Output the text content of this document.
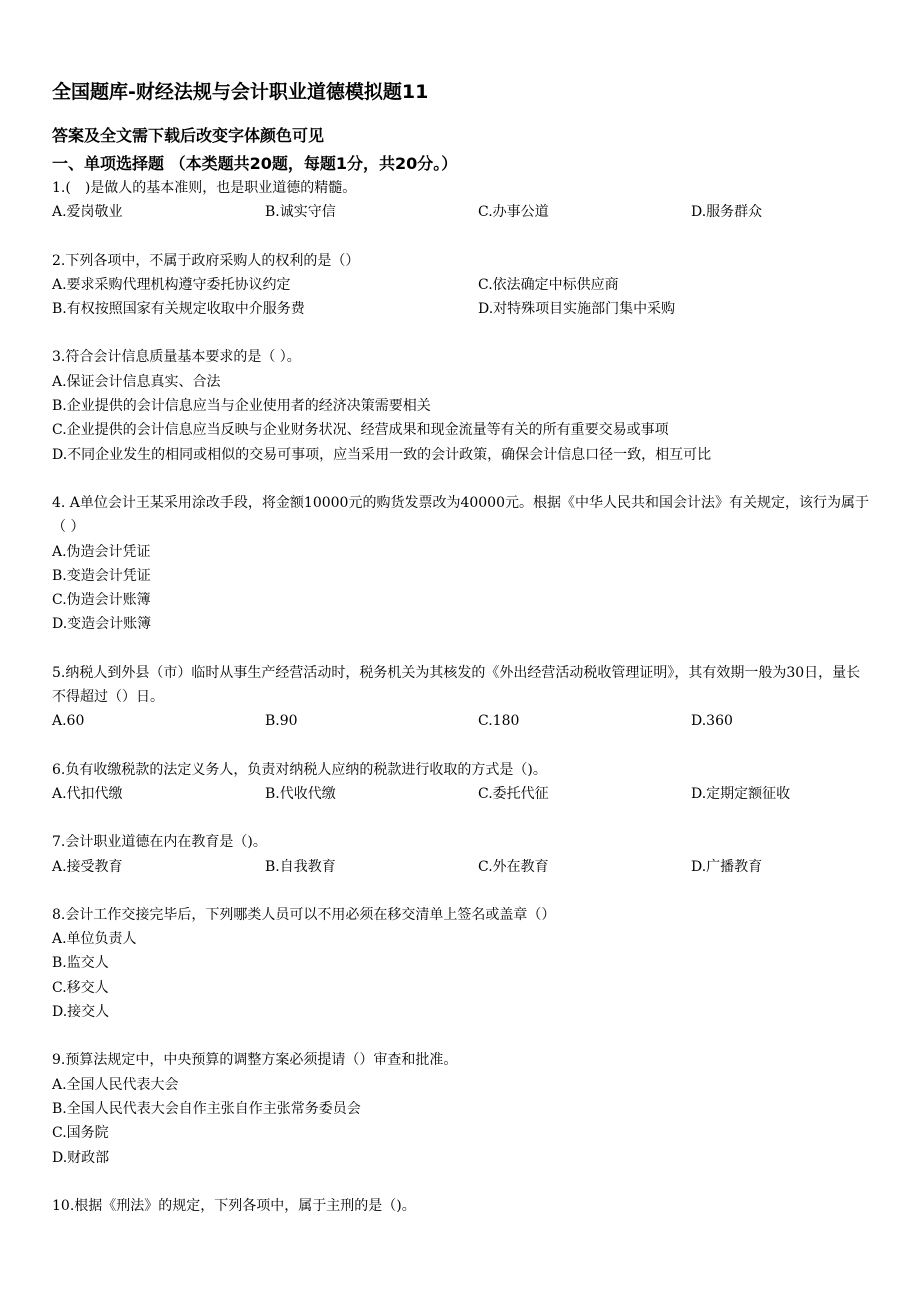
全国题库-财经法规与会计职业道德模拟题11
答案及全文需下载后改变字体颜色可见
一、单项选择题 （本类题共20题，每题1分，共20分。）
1.(　)是做人的基本准则，也是职业道德的精髓。
A.爱岗敬业	B.诚实守信	C.办事公道	D.服务群众
2.下列各项中，不属于政府采购人的权利的是（）
A.要求采购代理机构遵守委托协议约定	C.依法确定中标供应商
B.有权按照国家有关规定收取中介服务费	D.对特殊项目实施部门集中采购
3.符合会计信息质量基本要求的是（ ）。
A.保证会计信息真实、合法
B.企业提供的会计信息应当与企业使用者的经济决策需要相关
C.企业提供的会计信息应当反映与企业财务状况、经营成果和现金流量等有关的所有重要交易或事项
D.不同企业发生的相同或相似的交易可事项，应当采用一致的会计政策，确保会计信息口径一致，相互可比
4. A单位会计王某采用涂改手段，将金额10000元的购货发票改为40000元。根据《中华人民共和国会计法》有关规定，该行为属于（ ）
A.伪造会计凭证
B.变造会计凭证
C.伪造会计账簿
D.变造会计账簿
5.纳税人到外县（市）临时从事生产经营活动时，税务机关为其核发的《外出经营活动税收管理证明》，其有效期一般为30日，量长不得超过（）日。
A.60	B.90	C.180	D.360
6.负有收缴税款的法定义务人，负责对纳税人应纳的税款进行收取的方式是（)。
A.代扣代缴	B.代收代缴	C.委托代征	D.定期定额征收
7.会计职业道德在内在教育是（)。
A.接受教育	B.自我教育	C.外在教育	D.广播教育
8.会计工作交接完毕后，下列哪类人员可以不用必须在移交清单上签名或盖章（）
A.单位负责人
B.监交人
C.移交人
D.接交人
9.预算法规定中，中央预算的调整方案必须提请（）审查和批准。
A.全国人民代表大会
B.全国人民代表大会自作主张自作主张常务委员会
C.国务院
D.财政部
10.根据《刑法》的规定，下列各项中，属于主刑的是（)。
